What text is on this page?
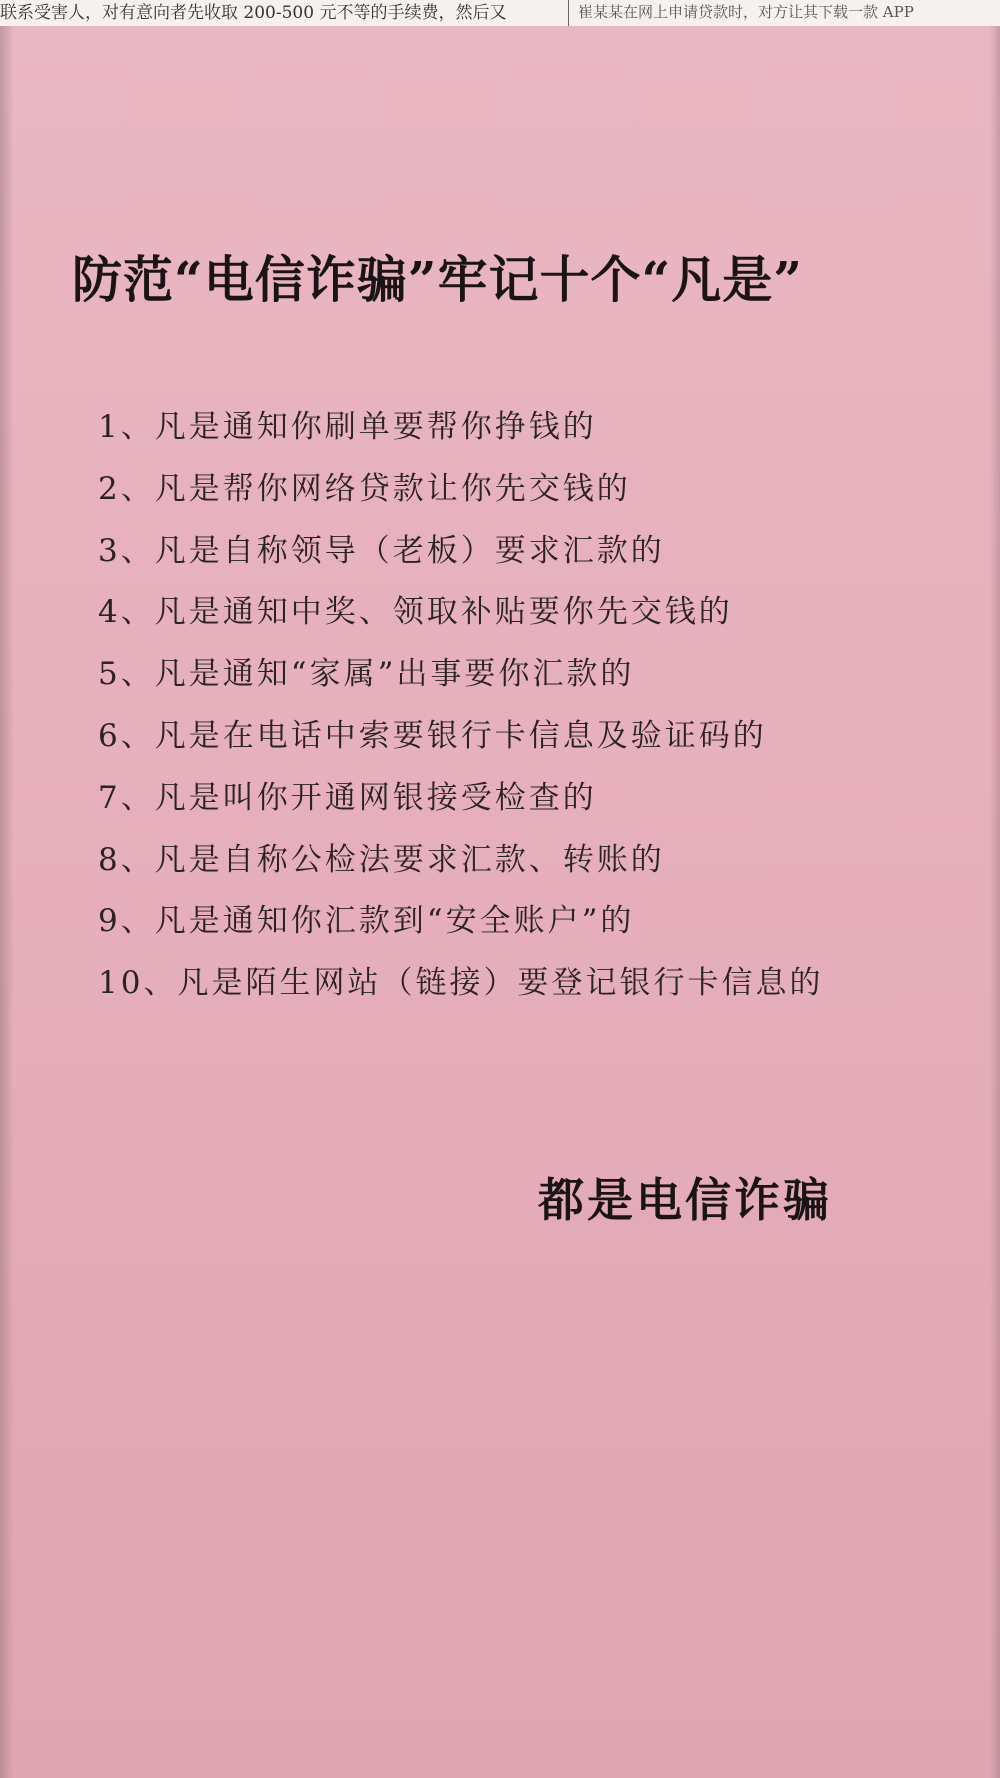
联系受害人，对有意向者先收取 200-500 元不等的手续费，然后又	崔某某在网上申请贷款时，对方让其下载一款 APP
防范“电信诈骗”牢记十个“凡是”
1、凡是通知你刷单要帮你挣钱的
2、凡是帮你网络贷款让你先交钱的
3、凡是自称领导（老板）要求汇款的
4、凡是通知中奖、领取补贴要你先交钱的
5、凡是通知“家属”出事要你汇款的
6、凡是在电话中索要银行卡信息及验证码的
7、凡是叫你开通网银接受检查的
8、凡是自称公检法要求汇款、转账的
9、凡是通知你汇款到“安全账户”的
10、凡是陌生网站（链接）要登记银行卡信息的
都是电信诈骗
